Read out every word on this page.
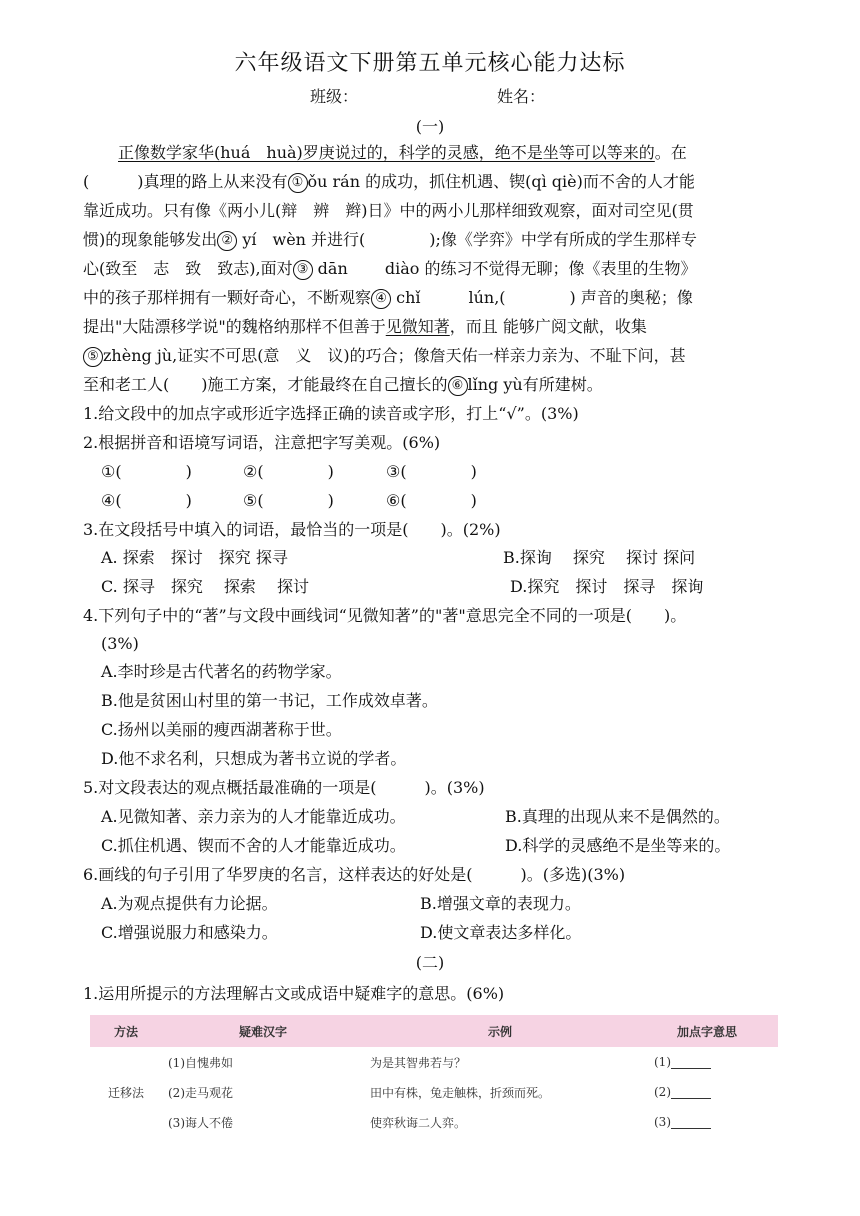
六年级语文下册第五单元核心能力达标
班级：	姓名：
(一)
正像数学家华(huá　huà)罗庚说过的，科学的灵感，绝不是坐等可以等来的。在
(　　　)真理的路上从来没有 ① ǒu rán 的成功，抓住机遇、锲(qì qiè)而不舍的人才能
靠近成功。只有像《两小儿(辩　辨　辫)日》中的两小儿那样细致观察，面对司空见(贯
惯)的现象能够发出 ② yí　wèn 并进行(　　　　);像《学弈》中学有所成的学生那样专
心(致至　志　致　致志),面对 ③ dān　　 diào 的练习不觉得无聊；像《表里的生物》
中的孩子那样拥有一颗好奇心，不断观察 ④ chǐ　　　lún,(　　　　) 声音的奥秘；像
提出"大陆漂移学说"的魏格纳那样不但善于见微知著，而且 能够广阅文献，收集
⑤ zhèng jù,证实不可思(意　义　议)的巧合；像詹天佑一样亲力亲为、不耻下问，甚
至和老工人(　　)施工方案，才能最终在自己擅长的 ⑥ lǐng yù有所建树。
1.给文段中的加点字或形近字选择正确的读音或字形，打上“√”。(3%)
2.根据拼音和语境写词语，注意把字写美观。(6%)
①(　　　　)	②(　　　　)	③(　　　　)
④(　　　　)	⑤(　　　　)	⑥(　　　　)
3.在文段括号中填入的词语，最恰当的一项是(　　)。(2%)
A. 探索　探讨　探究 探寻	B.探询　 探究　 探讨 探问
C. 探寻　探究　 探索　 探讨	D.探究　探讨　探寻　探询
4.下列句子中的“著”与文段中画线词“见微知著”的"著"意思完全不同的一项是(　　)。
(3%)
A.李时珍是古代著名的药物学家。
B.他是贫困山村里的第一书记，工作成效卓著。
C.扬州以美丽的瘦西湖著称于世。
D.他不求名利，只想成为著书立说的学者。
5.对文段表达的观点概括最准确的一项是(　　　)。(3%)
A.见微知著、亲力亲为的人才能靠近成功。	B.真理的出现从来不是偶然的。
C.抓住机遇、锲而不舍的人才能靠近成功。	D.科学的灵感绝不是坐等来的。
6.画线的句子引用了华罗庚的名言，这样表达的好处是(　　　)。(多选)(3%)
A.为观点提供有力论据。	B.增强文章的表现力。
C.增强说服力和感染力。	D.使文章表达多样化。
(二)
1.运用所提示的方法理解古文或成语中疑难字的意思。(6%)
方法	疑难汉字	示例	加点字意思
迁移法	(1)自愧弗如	为是其智弗若与？	(1)
	(2)走马观花	田中有株，兔走触株，折颈而死。	(2)
	(3)诲人不倦	使弈秋诲二人弈。	(3)
